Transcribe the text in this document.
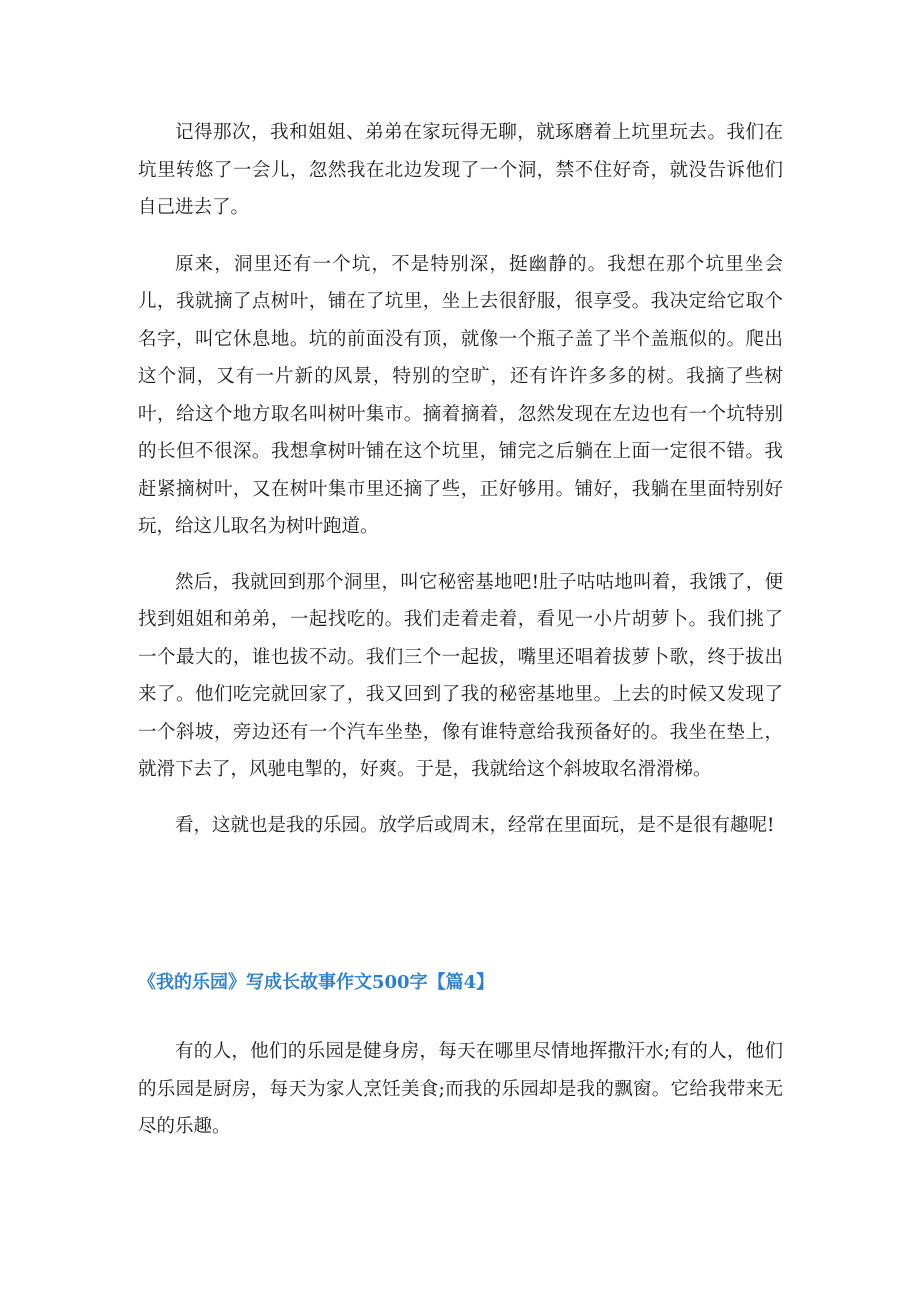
记得那次，我和姐姐、弟弟在家玩得无聊，就琢磨着上坑里玩去。我们在坑里转悠了一会儿，忽然我在北边发现了一个洞，禁不住好奇，就没告诉他们自己进去了。

原来，洞里还有一个坑，不是特别深，挺幽静的。我想在那个坑里坐会儿，我就摘了点树叶，铺在了坑里，坐上去很舒服，很享受。我决定给它取个名字，叫它休息地。坑的前面没有顶，就像一个瓶子盖了半个盖瓶似的。爬出这个洞，又有一片新的风景，特别的空旷，还有许许多多的树。我摘了些树叶，给这个地方取名叫树叶集市。摘着摘着，忽然发现在左边也有一个坑特别的长但不很深。我想拿树叶铺在这个坑里，铺完之后躺在上面一定很不错。我赶紧摘树叶，又在树叶集市里还摘了些，正好够用。铺好，我躺在里面特别好玩，给这儿取名为树叶跑道。

然后，我就回到那个洞里，叫它秘密基地吧!肚子咕咕地叫着，我饿了，便找到姐姐和弟弟，一起找吃的。我们走着走着，看见一小片胡萝卜。我们挑了一个最大的，谁也拔不动。我们三个一起拔，嘴里还唱着拔萝卜歌，终于拔出来了。他们吃完就回家了，我又回到了我的秘密基地里。上去的时候又发现了一个斜坡，旁边还有一个汽车坐垫，像有谁特意给我预备好的。我坐在垫上，就滑下去了，风驰电掣的，好爽。于是，我就给这个斜坡取名滑滑梯。

看，这就也是我的乐园。放学后或周末，经常在里面玩，是不是很有趣呢!

《我的乐园》写成长故事作文500字【篇4】

有的人，他们的乐园是健身房，每天在哪里尽情地挥撒汗水;有的人，他们的乐园是厨房，每天为家人烹饪美食;而我的乐园却是我的飘窗。它给我带来无尽的乐趣。
